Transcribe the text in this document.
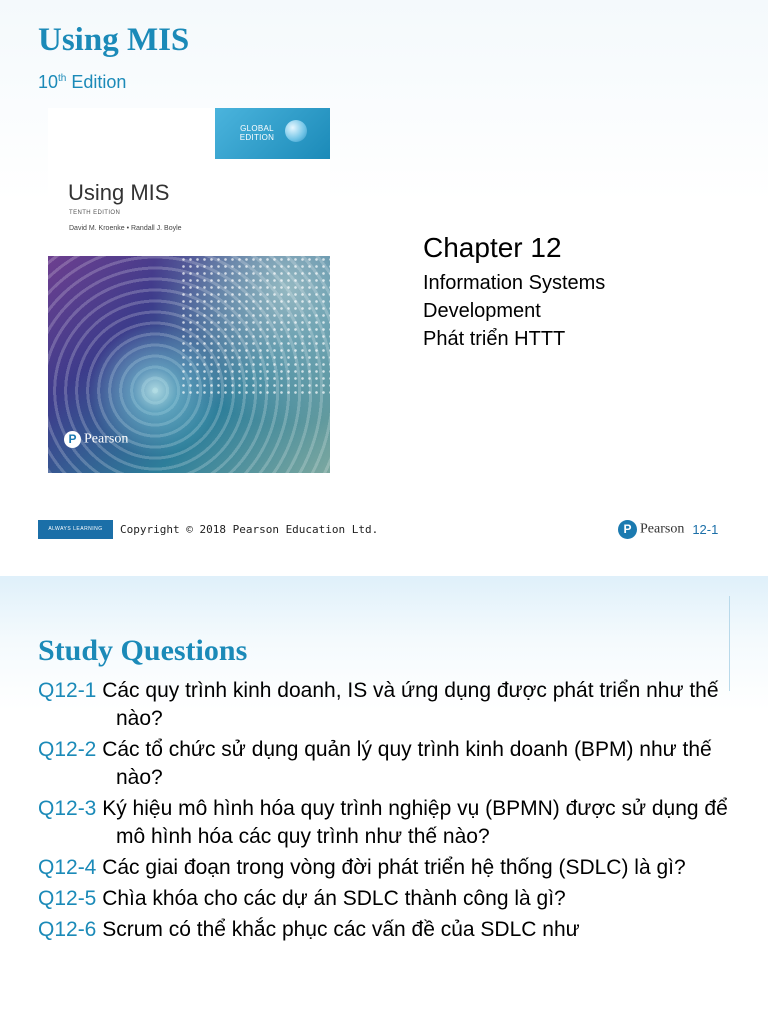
Using MIS
10th Edition
GLOBAL EDITION
Using MIS
TENTH EDITION
David M. Kroenke • Randall J. Boyle
P Pearson
Chapter 12
Information Systems
Development
Phát triển HTTT
ALWAYS LEARNING	Copyright © 2018 Pearson Education Ltd.	P Pearson 12-1
Study Questions
Q12-1 Các quy trình kinh doanh, IS và ứng dụng được phát triển như thế nào?
Q12-2 Các tổ chức sử dụng quản lý quy trình kinh doanh (BPM) như thế nào?
Q12-3 Ký hiệu mô hình hóa quy trình nghiệp vụ (BPMN) được sử dụng để mô hình hóa các quy trình như thế nào?
Q12-4 Các giai đoạn trong vòng đời phát triển hệ thống (SDLC) là gì?
Q12-5 Chìa khóa cho các dự án SDLC thành công là gì?
Q12-6 Scrum có thể khắc phục các vấn đề của SDLC như
